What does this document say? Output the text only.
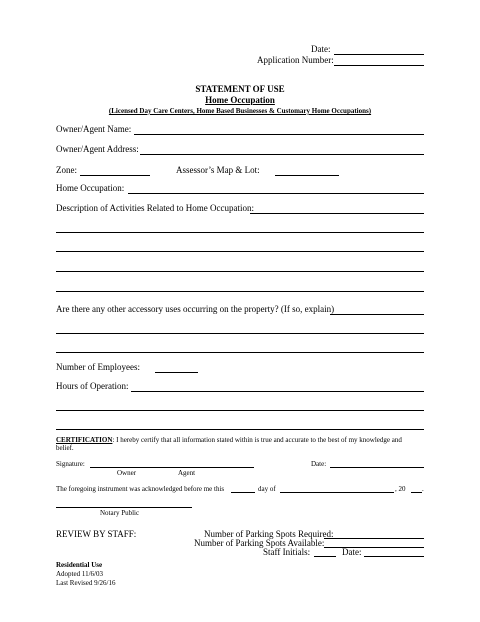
Date:
Application Number:
STATEMENT OF USE
Home Occupation
(Licensed Day Care Centers, Home Based Businesses & Customary Home Occupations)
Owner/Agent Name:
Owner/Agent Address:
Zone:	Assessor’s Map & Lot:
Home Occupation:
Description of Activities Related to Home Occupation:
Are there any other accessory uses occurring on the property? (If so, explain)
Number of Employees:
Hours of Operation:
CERTIFICATION: I hereby certify that all information stated within is true and accurate to the best of my knowledge and
belief.
Signature:	Date:
Owner	Agent
The foregoing instrument was acknowledged before me this	day of	, 20 .
Notary Public
REVIEW BY STAFF:	Number of Parking Spots Required:
Number of Parking Spots Available:
Staff Initials:	Date:
Residential Use
Adopted 11/6/03
Last Revised 9/26/16
